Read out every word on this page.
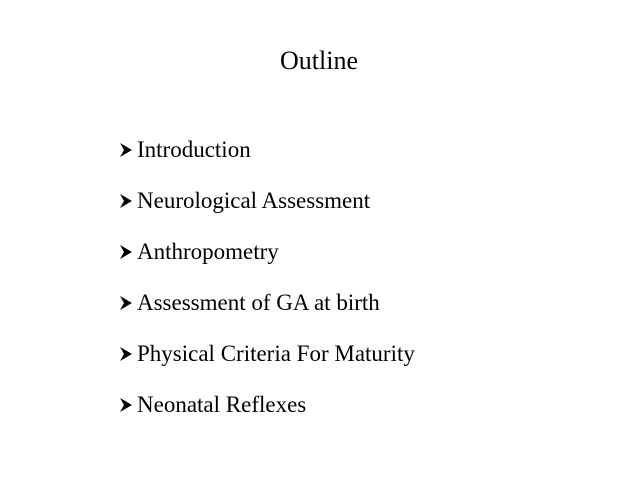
Outline
Introduction
Neurological Assessment
Anthropometry
Assessment of GA at birth
Physical Criteria For Maturity
Neonatal Reflexes
